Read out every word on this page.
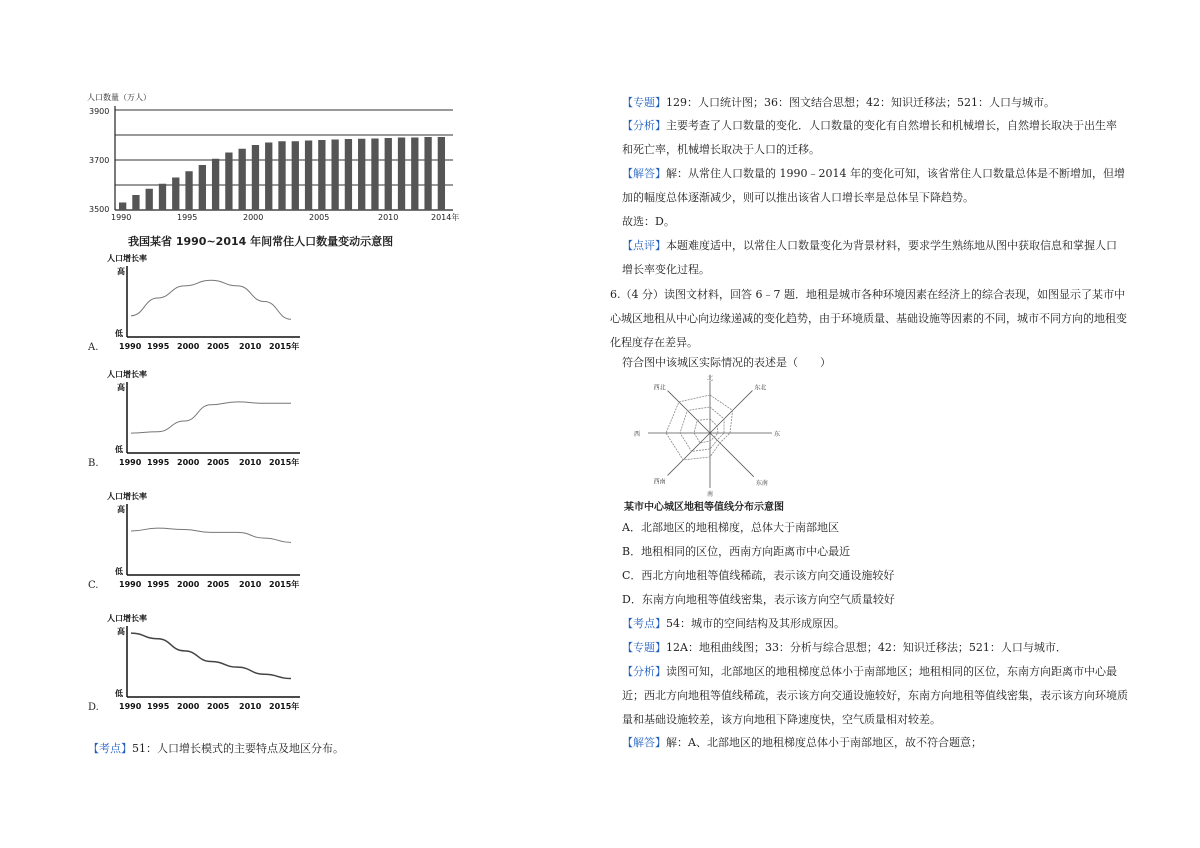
人口数量（万人）
3900
3700
3500
1990	1995	2000	2005	2010	2014年
我国某省 1990~2014 年间常住人口数量变动示意图
人口增长率
高
低
1990 1995 2000 2005 2010 2015年
A.
人口增长率
高
低
1990 1995 2000 2005 2010 2015年
B.
人口增长率
高
低
1990 1995 2000 2005 2010 2015年
C.
人口增长率
高
低
1990 1995 2000 2005 2010 2015年
D.
【考点】51：人口增长模式的主要特点及地区分布。
【专题】129：人口统计图；36：图文结合思想；42：知识迁移法；521：人口与城市。
【分析】主要考查了人口数量的变化．人口数量的变化有自然增长和机械增长，自然增长取决于出生率和死亡率，机械增长取决于人口的迁移。
【解答】解：从常住人口数量的 1990﹣2014 年的变化可知，该省常住人口数量总体是不断增加，但增加的幅度总体逐渐减少，则可以推出该省人口增长率是总体呈下降趋势。
故选：D。
【点评】本题难度适中，以常住人口数量变化为背景材料，要求学生熟练地从图中获取信息和掌握人口增长率变化过程。
6.（4 分）读图文材料，回答 6﹣7 题．地租是城市各种环境因素在经济上的综合表现，如图显示了某市中心城区地租从中心向边缘递减的变化趋势，由于环境质量、基础设施等因素的不同，城市不同方向的地租变化程度存在差异。
符合图中该城区实际情况的表述是（　　）
北
东北
东
东南
南
西南
西
西北
某市中心城区地租等值线分布示意图
A．北部地区的地租梯度，总体大于南部地区
B．地租相同的区位，西南方向距离市中心最近
C．西北方向地租等值线稀疏，表示该方向交通设施较好
D．东南方向地租等值线密集，表示该方向空气质量较好
【考点】54：城市的空间结构及其形成原因。
【专题】12A：地租曲线图；33：分析与综合思想；42：知识迁移法；521：人口与城市．
【分析】读图可知，北部地区的地租梯度总体小于南部地区；地租相同的区位，东南方向距离市中心最近；西北方向地租等值线稀疏，表示该方向交通设施较好，东南方向地租等值线密集，表示该方向环境质量和基础设施较差，该方向地租下降速度快，空气质量相对较差。
【解答】解：A、北部地区的地租梯度总体小于南部地区，故不符合题意；
